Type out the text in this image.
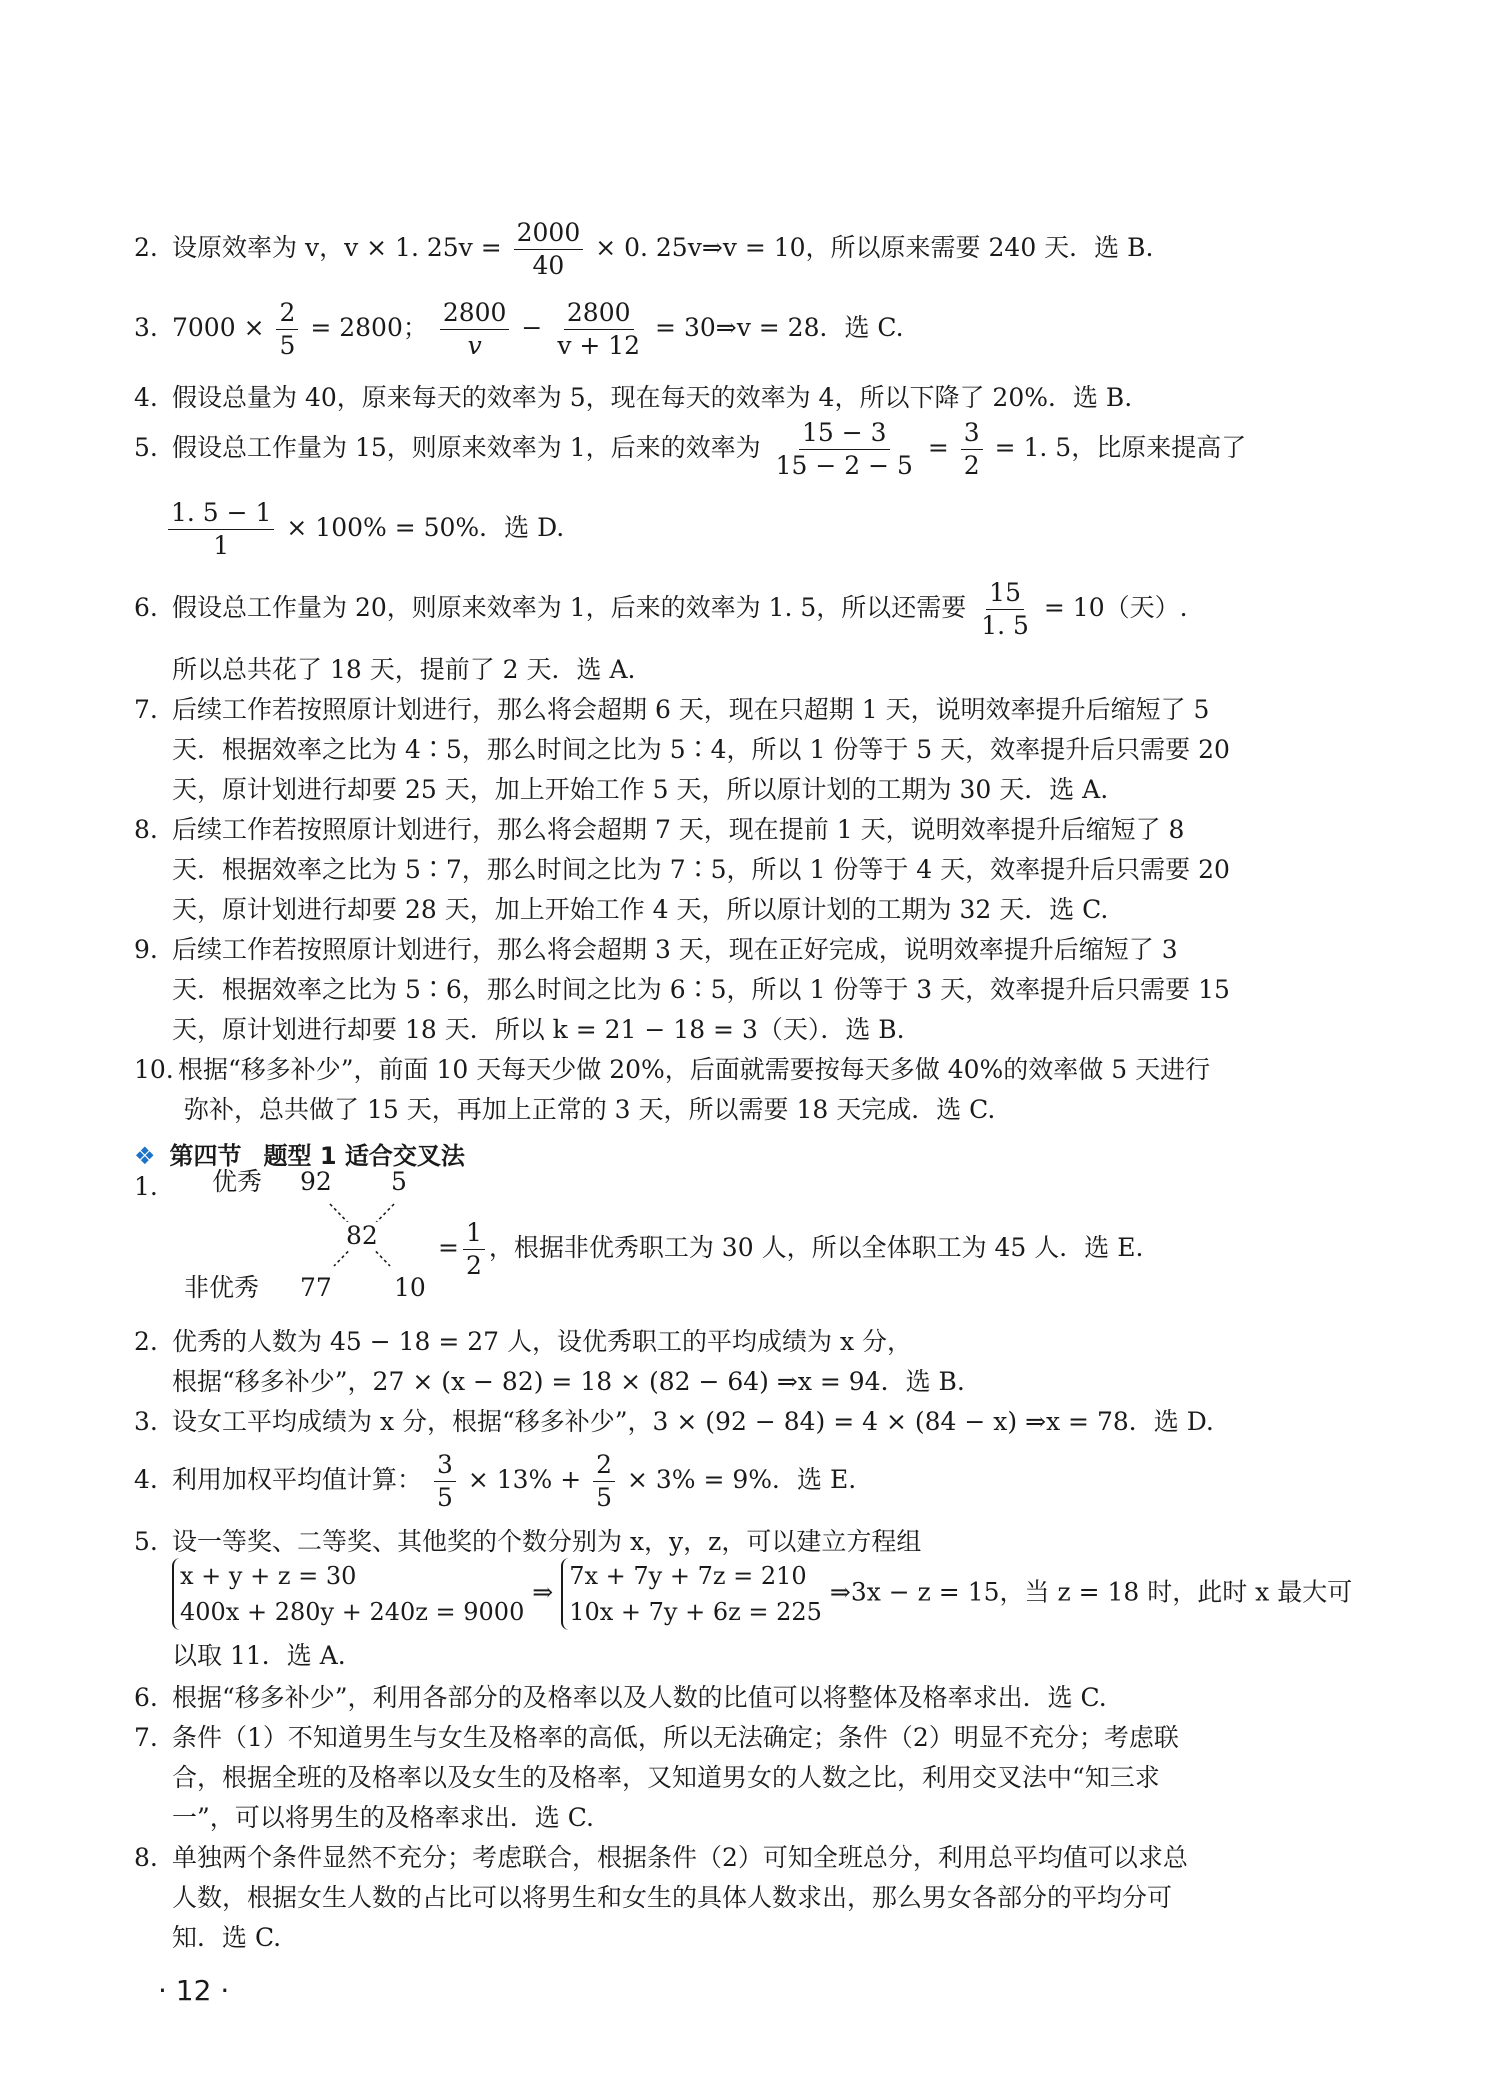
2. 设原效率为 v，v × 1. $25v = \frac{2000}{40} \times 0$. 25v⇒v = 10，所以原来需要 240 天．选 B.
3. $7000 \times \frac{2}{5} = 2800$； $\frac{2800}{v} - \frac{2800}{v + 12}$ = 30⇒v = 28．选 C.
4. 假设总量为 40，原来每天的效率为 5，现在每天的效率为 4，所以下降了 20%．选 B.
5. 假设总工作量为 15，则原来效率为 1，后来的效率为 $\frac{15 - 3}{15 - 2 - 5} = \frac{3}{2} = 1$. 5，比原来提高了
$\frac{1. 5 - 1}{1} \times 100\% = 50\%$．选 D.
6. 假设总工作量为 20，则原来效率为 1，后来的效率为 1. 5，所以还需要 $\frac{15}{1. 5} = 10$（天）.
所以总共花了 18 天，提前了 2 天．选 A.
7. 后续工作若按照原计划进行，那么将会超期 6 天，现在只超期 1 天，说明效率提升后缩短了 5
天．根据效率之比为 4∶5，那么时间之比为 5∶4，所以 1 份等于 5 天，效率提升后只需要 20
天，原计划进行却要 25 天，加上开始工作 5 天，所以原计划的工期为 30 天．选 A.
8. 后续工作若按照原计划进行，那么将会超期 7 天，现在提前 1 天，说明效率提升后缩短了 8
天．根据效率之比为 5∶7，那么时间之比为 7∶5，所以 1 份等于 4 天，效率提升后只需要 20
天，原计划进行却要 28 天，加上开始工作 4 天，所以原计划的工期为 32 天．选 C.
9. 后续工作若按照原计划进行，那么将会超期 3 天，现在正好完成，说明效率提升后缩短了 3
天．根据效率之比为 5∶6，那么时间之比为 6∶5，所以 1 份等于 3 天，效率提升后只需要 15
天，原计划进行却要 18 天．所以 k = 21 − 18 = 3（天）．选 B.
10. 根据“移多补少”，前面 10 天每天少做 20%，后面就需要按每天多做 40%的效率做 5 天进行
弥补，总共做了 15 天，再加上正常的 3 天，所以需要 18 天完成．选 C.
❖ 第四节 题型 1 适合交叉法
1.	优秀 92 5
82
非优秀 77 10
= $\frac{1}{2}$ ，根据非优秀职工为 30 人，所以全体职工为 45 人．选 E.
2. 优秀的人数为 45 − 18 = 27 人，设优秀职工的平均成绩为 x 分，
根据“移多补少”，27 × (x − 82) = 18 × (82 − 64) ⇒x = 94．选 B.
3. 设女工平均成绩为 x 分，根据“移多补少”，3 × (92 − 84) = 4 × (84 − x) ⇒x = 78．选 D.
4. 利用加权平均值计算： $\frac{3}{5} \times 13\% + \frac{2}{5} \times 3\% = 9\%$．选 E.
5. 设一等奖、二等奖、其他奖的个数分别为 x，y，z，可以建立方程组
x + y + z = 30
400x + 280y + 240z = 9000
⇒
7x + 7y + 7z = 210
10x + 7y + 6z = 225
⇒3x − z = 15，当 z = 18 时，此时 x 最大可
以取 11．选 A.
6. 根据“移多补少”，利用各部分的及格率以及人数的比值可以将整体及格率求出．选 C.
7. 条件（1）不知道男生与女生及格率的高低，所以无法确定；条件（2）明显不充分；考虑联
合，根据全班的及格率以及女生的及格率，又知道男女的人数之比，利用交叉法中“知三求
一”，可以将男生的及格率求出．选 C.
8. 单独两个条件显然不充分；考虑联合，根据条件（2）可知全班总分，利用总平均值可以求总
人数，根据女生人数的占比可以将男生和女生的具体人数求出，那么男女各部分的平均分可
知．选 C.
· 12 ·
